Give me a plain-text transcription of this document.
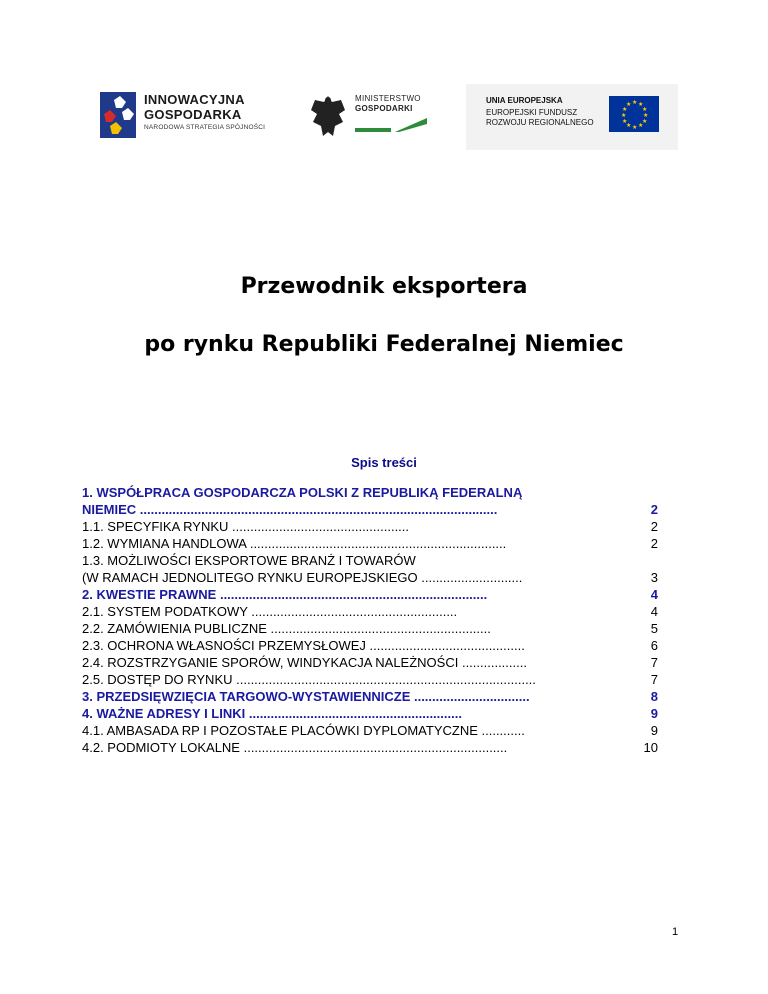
INNOWACYJNA
GOSPODARKA
NARODOWA STRATEGIA SPÓJNOŚCI
MINISTERSTWO
GOSPODARKI
UNIA EUROPEJSKA
EUROPEJSKI FUNDUSZ
ROZWOJU REGIONALNEGO
★ ★
★
★
★
★
★
★
★
★
★
★
Przewodnik eksportera
po rynku Republiki Federalnej Niemiec
Spis treści
1. WSPÓŁPRACA GOSPODARCZA POLSKI Z REPUBLIKĄ FEDERALNĄ
NIEMIEC ...................................................................................................	2
1.1. SPECYFIKA RYNKU .................................................	2
1.2. WYMIANA HANDLOWA .......................................................................	2
1.3. MOŻLIWOŚCI EKSPORTOWE BRANŻ I TOWARÓW
(W RAMACH JEDNOLITEGO RYNKU EUROPEJSKIEGO ............................	3
2. KWESTIE PRAWNE ..........................................................................	4
2.1. SYSTEM PODATKOWY .........................................................	4
2.2. ZAMÓWIENIA PUBLICZNE .............................................................	5
2.3. OCHRONA WŁASNOŚCI PRZEMYSŁOWEJ ...........................................	6
2.4. ROZSTRZYGANIE SPORÓW, WINDYKACJA NALEŻNOŚCI ..................	7
2.5. DOSTĘP DO RYNKU ...................................................................................	7
3. PRZEDSIĘWZIĘCIA TARGOWO-WYSTAWIENNICZE ................................	8
4. WAŻNE ADRESY I LINKI ...........................................................	9
4.1. AMBASADA RP I POZOSTAŁE PLACÓWKI DYPLOMATYCZNE ............	9
4.2. PODMIOTY LOKALNE .........................................................................	10
1
